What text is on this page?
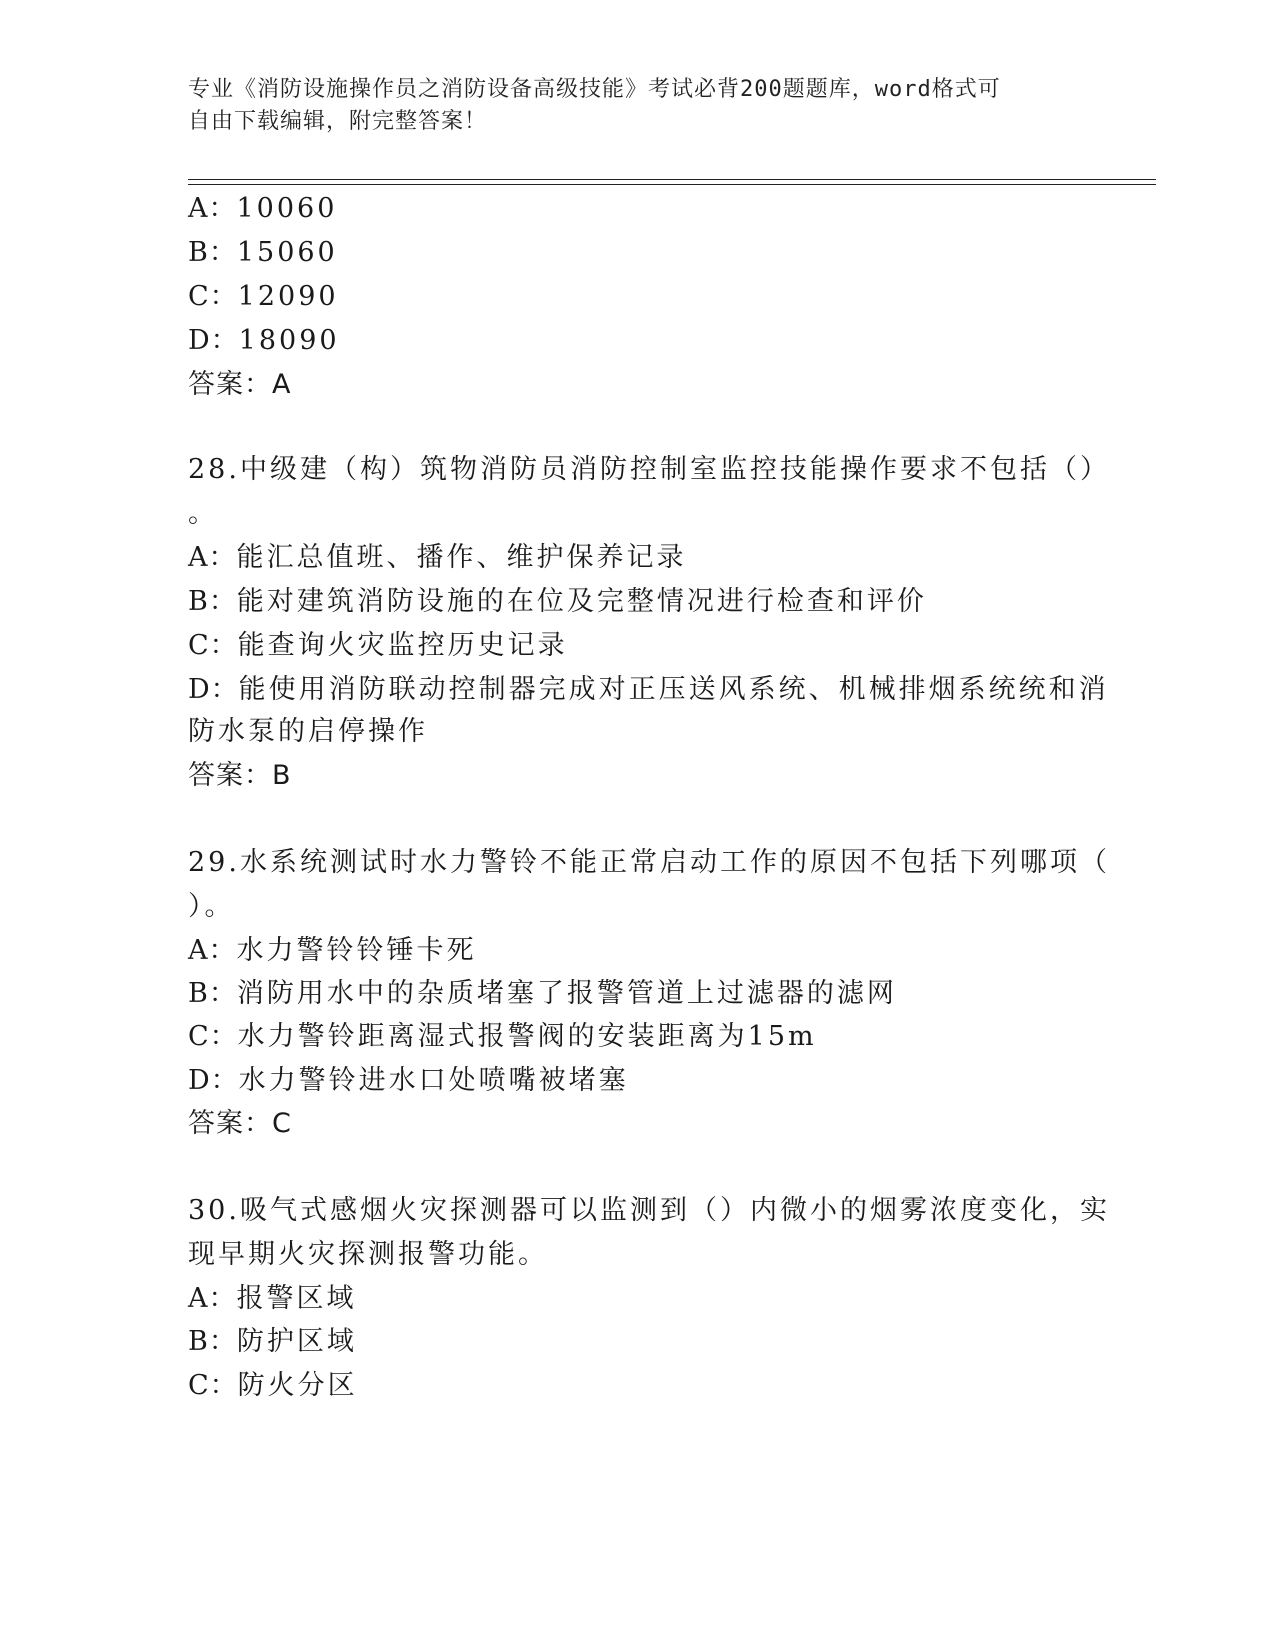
专业《消防设施操作员之消防设备高级技能》考试必背200题题库，word格式可
自由下载编辑，附完整答案！
A：10060
B：15060
C：12090
D：18090
答案：A
28.中级建（构）筑物消防员消防控制室监控技能操作要求不包括（）
。
A：能汇总值班、播作、维护保养记录
B：能对建筑消防设施的在位及完整情况进行检查和评价
C：能查询火灾监控历史记录
D：能使用消防联动控制器完成对正压送风系统、机械排烟系统统和消
防水泵的启停操作
答案：B
29.水系统测试时水力警铃不能正常启动工作的原因不包括下列哪项（
）。
A：水力警铃铃锤卡死
B：消防用水中的杂质堵塞了报警管道上过滤器的滤网
C：水力警铃距离湿式报警阀的安装距离为15m
D：水力警铃进水口处喷嘴被堵塞
答案：C
30.吸气式感烟火灾探测器可以监测到（）内微小的烟雾浓度变化，实
现早期火灾探测报警功能。
A：报警区域
B：防护区域
C：防火分区
